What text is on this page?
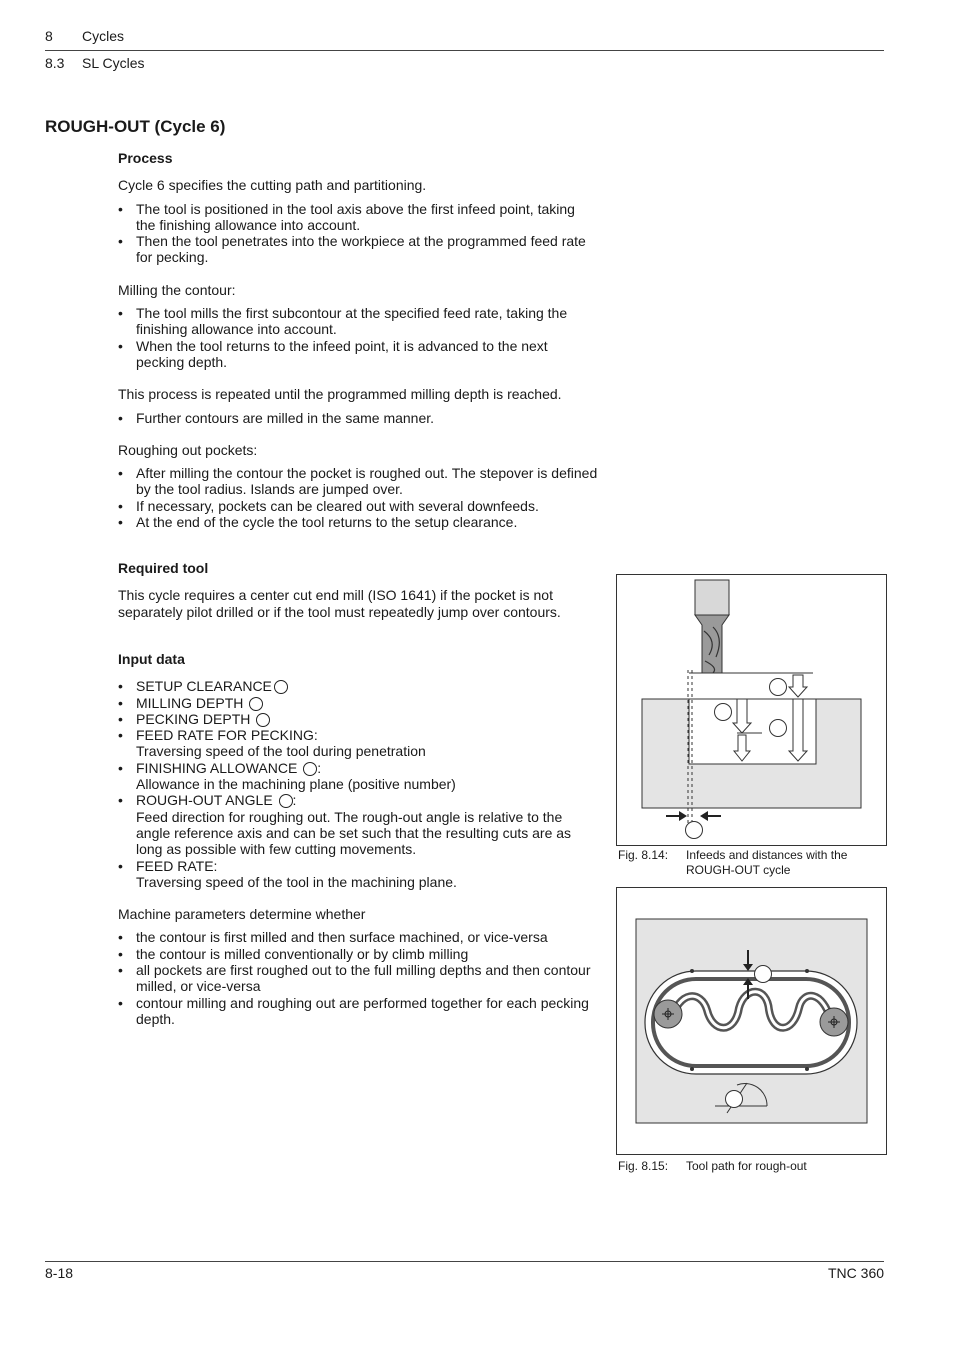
8 Cycles
8.3 SL Cycles
ROUGH-OUT (Cycle 6)
Process

Cycle 6 specifies the cutting path and partitioning.

• The tool is positioned in the tool axis above the first infeed point, taking the finishing allowance into account.
• Then the tool penetrates into the workpiece at the programmed feed rate for pecking.

Milling the contour:

• The tool mills the first subcontour at the specified feed rate, taking the finishing allowance into account.
• When the tool returns to the infeed point, it is advanced to the next pecking depth.

This process is repeated until the programmed milling depth is reached.

• Further contours are milled in the same manner.

Roughing out pockets:

• After milling the contour the pocket is roughed out. The stepover is defined by the tool radius. Islands are jumped over.
• If necessary, pockets can be cleared out with several downfeeds.
• At the end of the cycle the tool returns to the setup clearance.
Required tool

This cycle requires a center cut end mill (ISO 1641) if the pocket is not separately pilot drilled or if the tool must repeatedly jump over contours.

Input data
• SETUP CLEARANCE
• MILLING DEPTH
• PECKING DEPTH
• FEED RATE FOR PECKING:
Traversing speed of the tool during penetration
• FINISHING ALLOWANCE :
Allowance in the machining plane (positive number)
• ROUGH-OUT ANGLE :
Feed direction for roughing out. The rough-out angle is relative to the angle reference axis and can be set such that the resulting cuts are as long as possible with few cutting movements.
• FEED RATE:
Traversing speed of the tool in the machining plane.

Machine parameters determine whether

• the contour is first milled and then surface machined, or vice-versa
• the contour is milled conventionally or by climb milling
• all pockets are first roughed out to the full milling depths and then contour milled, or vice-versa
• contour milling and roughing out are performed together for each pecking depth.
Fig. 8.14: Infeeds and distances with the
ROUGH-OUT cycle
Fig. 8.15: Tool path for rough-out
8-18	TNC 360
